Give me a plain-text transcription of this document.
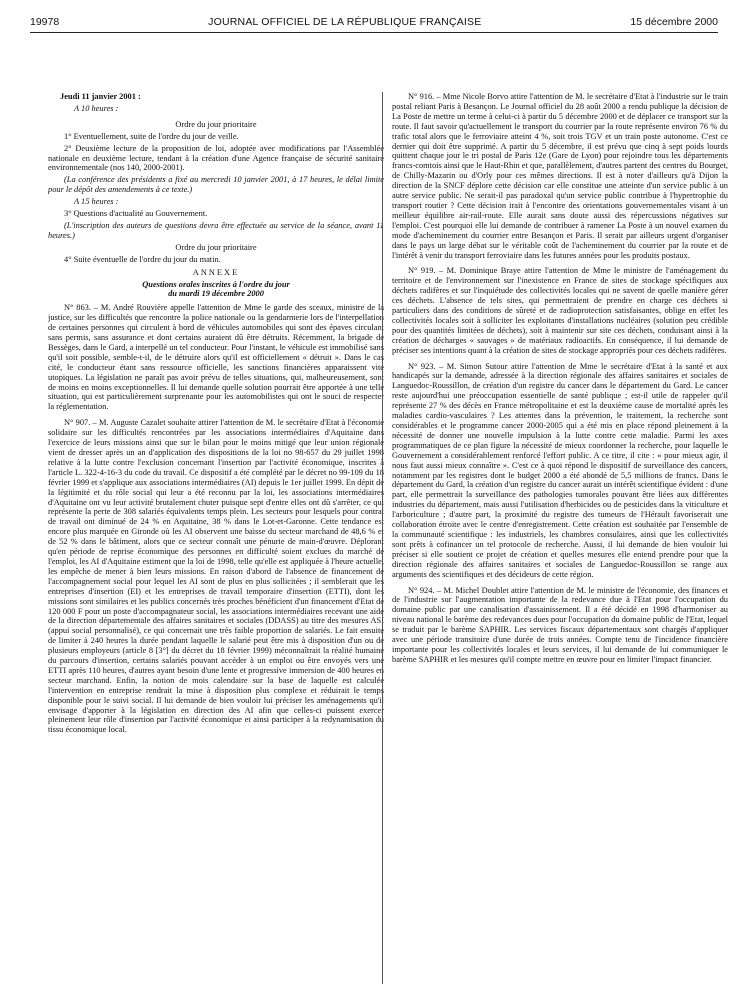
19978	JOURNAL OFFICIEL DE LA RÉPUBLIQUE FRANÇAISE	15 décembre 2000

Jeudi 11 janvier 2001 :

A 10 heures :

Ordre du jour prioritaire

1° Eventuellement, suite de l'ordre du jour de veille.

2° Deuxième lecture de la proposition de loi, adoptée avec modifications par l'Assemblée nationale en deuxième lecture, tendant à la création d'une Agence française de sécurité sanitaire environnementale (nos 140, 2000-2001).

(La conférence des présidents a fixé au mercredi 10 janvier 2001, à 17 heures, le délai limite pour le dépôt des amendements à ce texte.)

A 15 heures :

3° Questions d'actualité au Gouvernement.

(L'inscription des auteurs de questions devra être effectuée au service de la séance, avant 11 heures.)

Ordre du jour prioritaire

4° Suite éventuelle de l'ordre du jour du matin.

ANNEXE

Questions orales inscrites à l'ordre du jour

du mardi 19 décembre 2000

N° 863. – M. André Rouvière appelle l'attention de Mme le garde des sceaux, ministre de la justice, sur les difficultés que rencontre la police nationale ou la gendarmerie lors de l'interpellation de certaines personnes qui circulent à bord de véhicules automobiles qui sont des épaves circulant sans permis, sans assurance et dont certains auraient dû être détruits. Récemment, la brigade de Bessèges, dans le Gard, a interpellé un tel conducteur. Pour l'instant, le véhicule est immobilisé sans qu'il soit possible, semble-t-il, de le détruire alors qu'il est officiellement « détruit ». Dans le cas cité, le conducteur étant sans ressource officielle, les sanctions financières apparaissent vite utopiques. La législation ne paraît pas avoir prévu de telles situations, qui, malheureusement, sont de moins en moins exceptionnelles. Il lui demande quelle solution pourrait être apportée à une telle situation, qui est particulièrement surprenante pour les automobilistes qui ont le souci de respecter la réglementation.

N° 907. – M. Auguste Cazalet souhaite attirer l'attention de M. le secrétaire d'Etat à l'économie solidaire sur les difficultés rencontrées par les associations intermédiaires d'Aquitaine dans l'exercice de leurs missions ainsi que sur le bilan pour le moins mitigé que leur union régionale vient de dresser après un an d'application des dispositions de la loi no 98-657 du 29 juillet 1998 relative à la lutte contre l'exclusion concernant l'insertion par l'activité économique, inscrites à l'article L. 322-4-16-3 du code du travail. Ce dispositif a été complété par le décret no 99-109 du 18 février 1999 et s'applique aux associations intermédiaires (AI) depuis le 1er juillet 1999. En dépit de la légitimité et du rôle social qui leur a été reconnu par la loi, les associations intermédiaires d'Aquitaine ont vu leur activité brutalement chuter puisque sept d'entre elles ont dû s'arrêter, ce qui représente la perte de 308 salariés équivalents temps plein. Les secteurs pour lesquels pour contrat de travail ont diminué de 24 % en Aquitaine, 38 % dans le Lot-et-Garonne. Cette tendance est encore plus marquée en Gironde où les AI observent une baisse du secteur marchand de 48,6 % et de 52 % dans le bâtiment, alors que ce secteur connaît une pénurie de main-d'œuvre. Déplorant qu'en période de reprise économique des personnes en difficulté soient exclues du marché de l'emploi, les AI d'Aquitaine estiment que la loi de 1998, telle qu'elle est appliquée à l'heure actuelle, les empêche de mener à bien leurs missions. En raison d'abord de l'absence de financement de l'accompagnement social pour lequel les AI sont de plus en plus sollicitées ; il semblerait que les entreprises d'insertion (EI) et les entreprises de travail temporaire d'insertion (ETTI), dont les missions sont similaires et les publics concernés très proches bénéficient d'un financement d'Etat de 120 000 F pour un poste d'accompagnateur social, les associations intermédiaires recevant une aide de la direction départementale des affaires sanitaires et sociales (DDASS) au titre des mesures ASI (appui social personnalisé), ce qui concernait une très faible proportion de salariés. Le fait ensuite de limiter à 240 heures la durée pendant laquelle le salarié peut être mis à disposition d'un ou de plusieurs employeurs (article 8 [3°] du décret du 18 février 1999) méconnaîtrait la réalité humaine du parcours d'insertion, certains salariés pouvant accéder à un emploi ou être envoyés vers une ETTI après 110 heures, d'autres ayant besoin d'une lente et progressive immersion de 400 heures en secteur marchand. Enfin, la notion de mois calendaire sur la base de laquelle est calculée l'intervention en entreprise rendrait la mise à disposition plus complexe et réduirait le temps disponible pour le suivi social. Il lui demande de bien vouloir lui préciser les aménagements qu'il envisage d'apporter à la législation en direction des AI afin que celles-ci puissent exercer pleinement leur rôle d'insertion par l'activité économique et ainsi participer à la redynamisation du tissu économique local.

N° 916. – Mme Nicole Borvo attire l'attention de M. le secrétaire d'Etat à l'industrie sur le train postal reliant Paris à Besançon. Le Journal officiel du 28 août 2000 a rendu publique la décision de La Poste de mettre un terme à celui-ci à partir du 5 décembre 2000 et de déplacer ce transport sur la route. Il faut savoir qu'actuellement le transport du courrier par la route représente environ 76 % du trafic total alors que le ferroviaire atteint 4 %, soit trois TGV et un train poste autonome. C'est ce dernier qui doit être supprimé. A partir du 5 décembre, il est prévu que cinq à sept poids lourds quittent chaque jour le tri postal de Paris 12e (Gare de Lyon) pour rejoindre tous les départements francs-comtois ainsi que le Haut-Rhin et que, parallèlement, d'autres partent des centres du Bourget, de Chilly-Mazarin ou d'Orly pour ces mêmes directions. Il est à noter d'ailleurs qu'à Dijon la direction de la SNCF déplore cette décision car elle constitue une atteinte d'un service public à un autre service public. Ne serait-il pas paradoxal qu'un service public contribue à l'hypertrophie du transport routier ? Cette décision irait à l'encontre des orientations gouvernementales visant à un meilleur équilibre air-rail-route. Elle aurait sans doute aussi des répercussions négatives sur l'emploi. C'est pourquoi elle lui demande de contribuer à ramener La Poste à un nouvel examen du mode d'acheminement du courrier entre Besançon et Paris. Il serait par ailleurs urgent d'organiser dans le pays un large débat sur le véritable coût de l'acheminement du courrier par la route et de l'intérêt à venir du transport ferroviaire dans les futures années pour les produits postaux.

N° 919. – M. Dominique Braye attire l'attention de Mme le ministre de l'aménagement du territoire et de l'environnement sur l'inexistence en France de sites de stockage spécifiques aux déchets radifères et sur l'inquiétude des collectivités locales qui ne savent de quelle manière gérer ces déchets. L'absence de tels sites, qui permettraient de prendre en charge ces déchets si particuliers dans des conditions de sûreté et de radioprotection satisfaisantes, oblige en effet les collectivités locales soit à solliciter les exploitants d'installations nucléaires (solution peu crédible pour des quantités limitées de déchets), soit à maintenir sur site ces déchets, conduisant ainsi à la création de décharges « sauvages » de matériaux radioactifs. En conséquence, il lui demande de préciser ses intentions quant à la création de sites de stockage appropriés pour ces déchets radifères.

N° 923. – M. Simon Sutour attire l'attention de Mme le secrétaire d'Etat à la santé et aux handicapés sur la demande, adressée à la direction régionale des affaires sanitaires et sociales de Languedoc-Roussillon, de création d'un registre du cancer dans le département du Gard. Le cancer reste aujourd'hui une préoccupation essentielle de santé publique ; est-il utile de rappeler qu'il représente 27 % des décès en France métropolitaine et est la deuxième cause de mortalité après les maladies cardio-vasculaires ? Les attentes dans la prévention, le traitement, la recherche sont considérables et le programme cancer 2000-2005 qui a été mis en place répond pleinement à la nécessité de donner une nouvelle impulsion à la lutte contre cette maladie. Parmi les axes programmatiques de ce plan figure la nécessité de mieux coordonner la recherche, pour laquelle le Gouvernement a considérablement renforcé l'effort public. A ce titre, il cite : « pour mieux agir, il nous faut aussi mieux connaître ». C'est ce à quoi répond le dispositif de surveillance des cancers, notamment par les registres dont le budget 2000 a été abondé de 5,5 millions de francs. Dans le département du Gard, la création d'un registre du cancer aurait un intérêt scientifique évident : d'une part, elle permettrait la surveillance des pathologies tumorales pouvant être liées aux différentes industries du département, mais aussi l'utilisation d'herbicides ou de pesticides dans la viticulture et l'arboriculture ; d'autre part, la proximité du registre des tumeurs de l'Hérault favoriserait une collaboration étroite avec le centre d'enregistrement. Cette création est souhaitée par l'ensemble de la communauté scientifique : les industriels, les chambres consulaires, ainsi que les collectivités sont prêts à cofinancer un tel protocole de recherche. Aussi, il lui demande de bien vouloir lui préciser si elle soutient ce projet de création et quelles mesures elle entend prendre pour que la direction régionale des affaires sanitaires et sociales de Languedoc-Roussillon se range aux arguments des scientifiques et des décideurs de cette région.

N° 924. – M. Michel Doublet attire l'attention de M. le ministre de l'économie, des finances et de l'industrie sur l'augmentation importante de la redevance due à l'Etat pour l'occupation du domaine public par une canalisation d'assainissement. Il a été décidé en 1998 d'harmoniser au niveau national le barème des redevances dues pour l'occupation du domaine public de l'Etat, lequel se traduit par le barème SAPHIR. Les services fiscaux départementaux sont chargés d'appliquer avec une période transitoire d'une durée de trois années. Compte tenu de l'incidence financière importante pour les collectivités locales et leurs services, il lui demande de lui communiquer le barème SAPHIR et les mesures qu'il compte mettre en œuvre pour en limiter l'impact financier.
